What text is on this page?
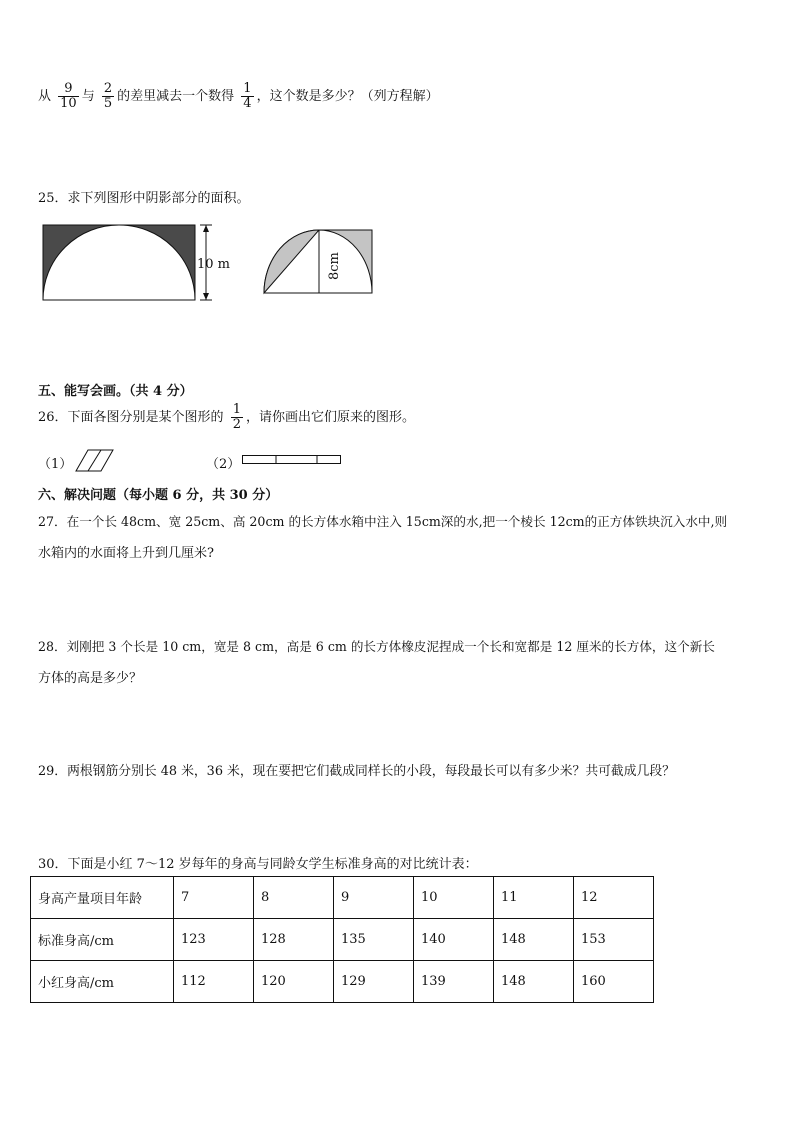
从 $\frac{9}{10}$ 与 $\frac{2}{5}$ 的差里减去一个数得 $\frac{1}{4}$ ，这个数是多少？（列方程解）
25．求下列图形中阴影部分的面积。
10 m	8cm
五、能写会画。（共 4 分）
26．下面各图分别是某个图形的 $\frac{1}{2}$ ，请你画出它们原来的图形。
（1）	（2）
六、解决问题（每小题 6 分，共 30 分）
27．在一个长 48cm、宽 25cm、高 20cm 的长方体水箱中注入 15cm深的水,把一个棱长 12cm的正方体铁块沉入水中,则
水箱内的水面将上升到几厘米?
28．刘刚把 3 个长是 10 cm，宽是 8 cm，高是 6 cm 的长方体橡皮泥捏成一个长和宽都是 12 厘米的长方体，这个新长
方体的高是多少？
29．两根钢筋分别长 48 米，36 米，现在要把它们截成同样长的小段，每段最长可以有多少米？共可截成几段？
30．下面是小红 7～12 岁每年的身高与同龄女学生标准身高的对比统计表：
身高产量项目年龄	7	8	9	10	11	12
标准身高/cm	123	128	135	140	148	153
小红身高/cm	112	120	129	139	148	160
